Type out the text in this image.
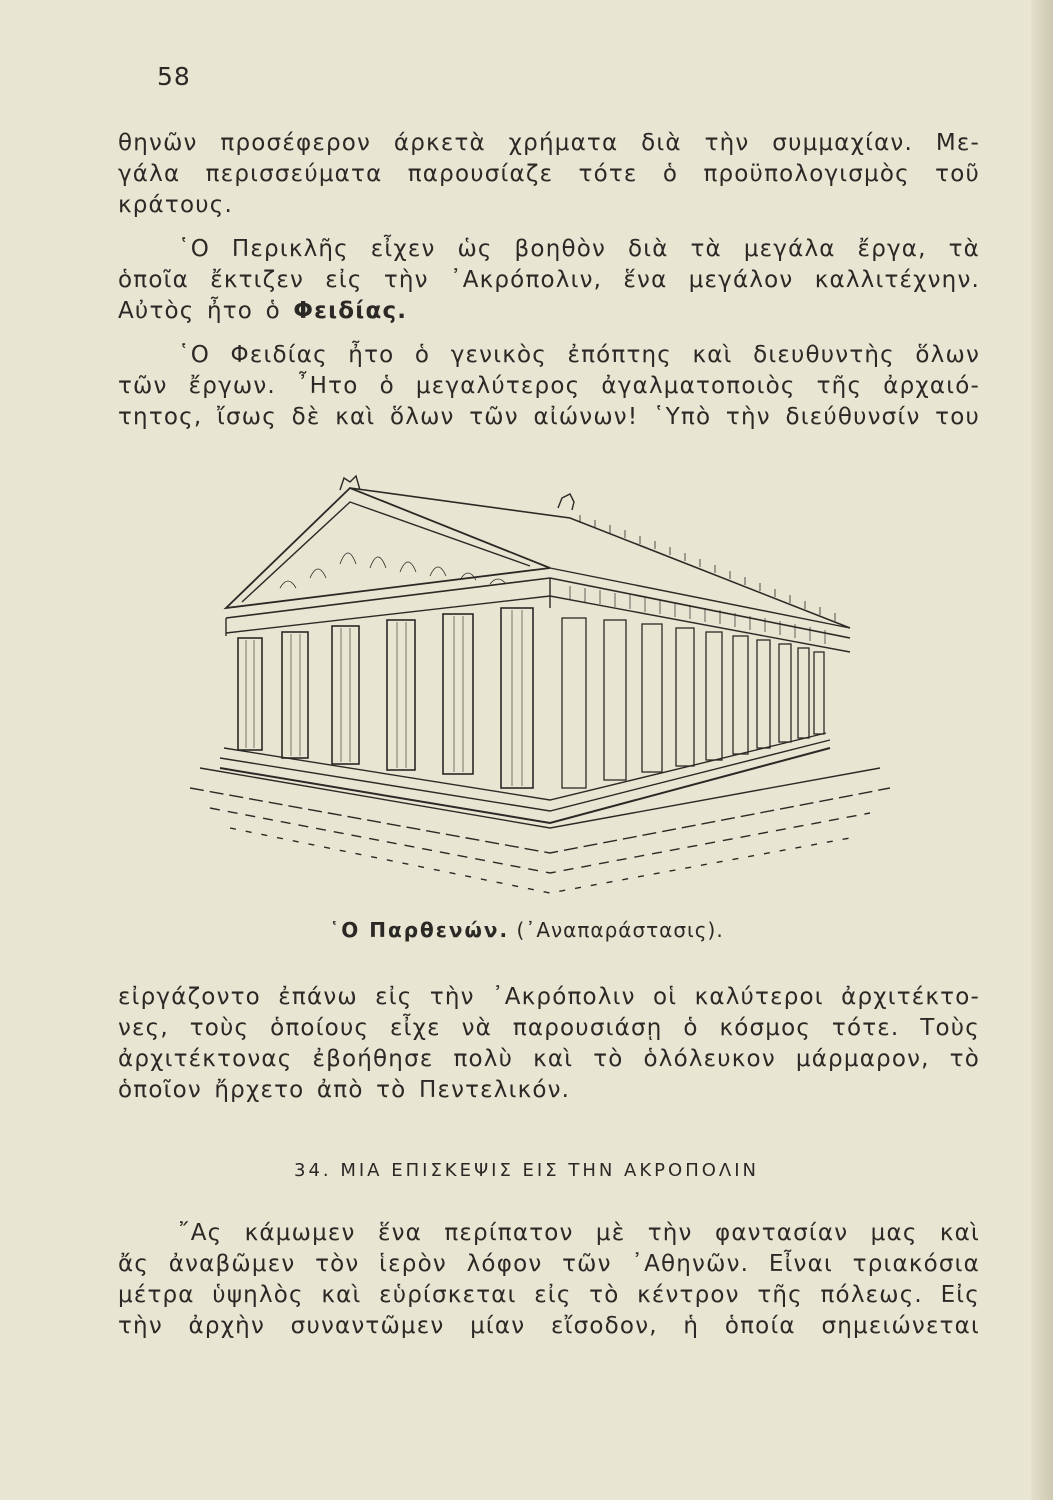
58

θηνῶν προσέφερον άρκετὰ χρήματα διὰ τὴν συμμαχίαν. Με-
γάλα περισσεύματα παρουσίαζε τότε ὁ προϋπολογισμὸς τοῦ
κράτους.

῾Ο Περικλῆς εἶχεν ὡς βοηθὸν διὰ τὰ μεγάλα ἔργα, τὰ
ὁποῖα ἔκτιζεν εἰς τὴν ᾿Ακρόπολιν, ἕνα μεγάλον καλλιτέχνην.
Αὐτὸς ἦτο ὁ Φειδίας.

῾Ο Φειδίας ἦτο ὁ γενικὸς ἐπόπτης καὶ διευθυντὴς ὅλων
τῶν ἔργων. ῏Ητο ὁ μεγαλύτερος ἀγαλματοποιὸς τῆς ἀρχαιό-
τητος, ἴσως δὲ καὶ ὅλων τῶν αἰώνων! ῾Υπὸ τὴν διεύθυνσίν του

῾Ο Παρθενών. (᾿Αναπαράστασις).

εἰργάζοντο ἐπάνω εἰς τὴν ᾿Ακρόπολιν οἱ καλύτεροι ἀρχιτέκτο-
νες, τοὺς ὁποίους εἶχε νὰ παρουσιάσῃ ὁ κόσμος τότε. Τοὺς
ἀρχιτέκτονας ἐβοήθησε πολὺ καὶ τὸ ὁλόλευκον μάρμαρον, τὸ
ὁποῖον ἤρχετο ἀπὸ τὸ Πεντελικόν.

34. ΜΙΑ ΕΠΙΣΚΕΨΙΣ ΕΙΣ ΤΗΝ ΑΚΡΟΠΟΛΙΝ

῎Ας κάμωμεν ἕνα περίπατον μὲ τὴν φαντασίαν μας καὶ
ἄς ἀναβῶμεν τὸν ἱερὸν λόφον τῶν ᾿Αθηνῶν. Εἶναι τριακόσια
μέτρα ὑψηλὸς καὶ εὑρίσκεται εἰς τὸ κέντρον τῆς πόλεως. Εἰς
τὴν ἀρχὴν συναντῶμεν μίαν εἴσοδον, ἡ ὁποία σημειώνεται
